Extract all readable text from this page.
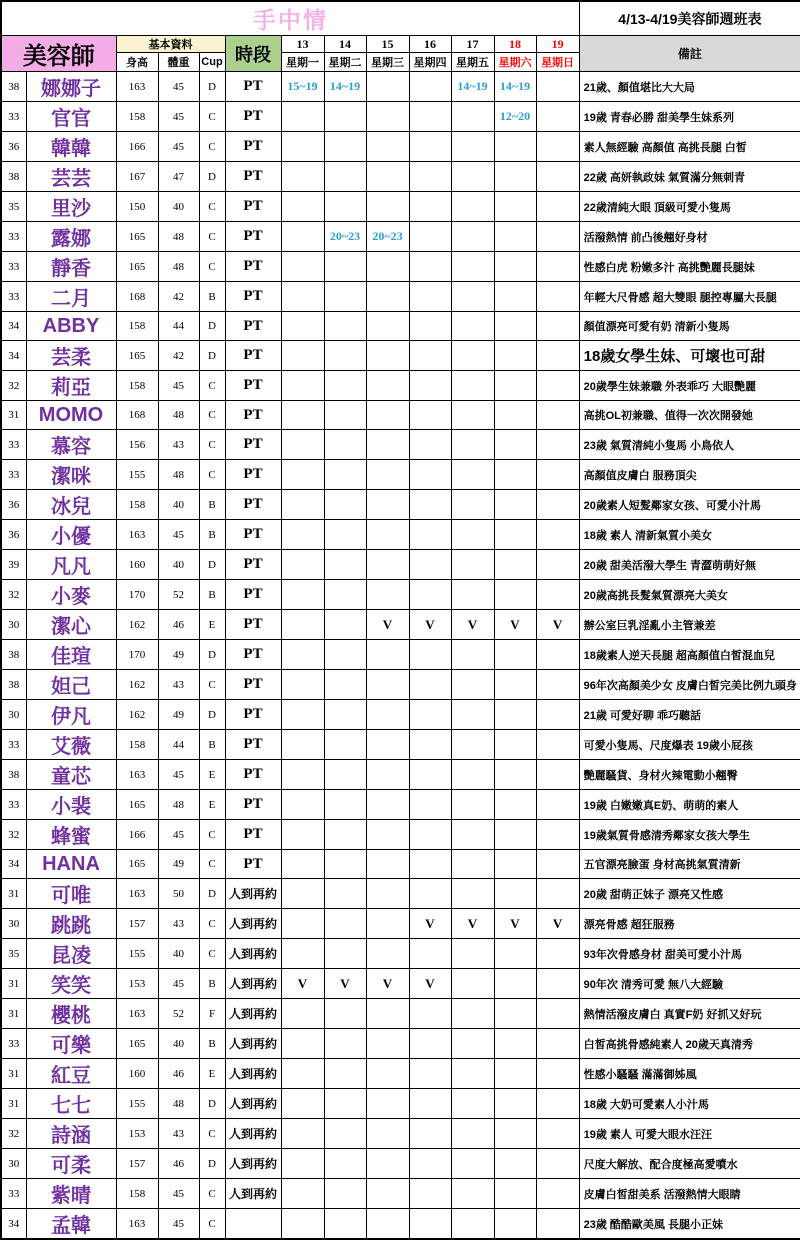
手中情													4/13-4/19美容師週班表
美容師		基本資料			時段	13	14	15	16	17	18	19	備註
		身高	體重	Cup		星期一	星期二	星期三	星期四	星期五	星期六	星期日	
38	娜娜子	163	45	D	PT	15~19	14~19			14~19	14~19		21歲、顏值堪比大大局
33	官官	158	45	C	PT						12~20		19歲 青春必勝 甜美學生妹系列
36	韓韓	166	45	C	PT								素人無經驗 高顏值 高挑長腿 白皙
38	芸芸	167	47	D	PT								22歲 高妍執政妹 氣質滿分無刺青
35	里沙	150	40	C	PT								22歲清純大眼 頂級可愛小隻馬
33	露娜	165	48	C	PT		20~23	20~23					活潑熱情 前凸後翹好身材
33	靜香	165	48	C	PT								性感白虎 粉嫩多汁 高挑艷麗長腿妹
33	二月	168	42	B	PT								年輕大尺骨感 超大雙眼 腿控專屬大長腿
34	ABBY	158	44	D	PT								顏值漂亮可愛有奶 清新小隻馬
34	芸柔	165	42	D	PT								18歲女學生妹、可壞也可甜
32	莉亞	158	45	C	PT								20歲學生妹兼職 外表乖巧 大眼艷麗
31	MOMO	168	48	C	PT								高挑OL初兼職、值得一次次開發她
33	慕容	156	43	C	PT								23歲 氣質清純小隻馬 小鳥依人
33	潔咪	155	48	C	PT								高顏值皮膚白 服務頂尖
36	冰兒	158	40	B	PT								20歲素人短髮鄰家女孩、可愛小汁馬
36	小優	163	45	B	PT								18歲 素人 清新氣質小美女
39	凡凡	160	40	D	PT								20歲 甜美活潑大學生 青澀萌萌好無
32	小麥	170	52	B	PT								20歲高挑長髮氣質漂亮大美女
30	潔心	162	46	E	PT			V	V	V	V	V	辦公室巨乳淫亂小主管兼差
38	佳瑄	170	49	D	PT								18歲素人逆天長腿 超高顏值白皙混血兒
38	妲己	162	43	C	PT								96年次高顏美少女 皮膚白皙完美比例九頭身
30	伊凡	162	49	D	PT								21歲 可愛好聊 乖巧聽話
33	艾薇	158	44	B	PT								可愛小隻馬、尺度爆表 19歲小屁孩
38	童芯	163	45	E	PT								艷麗騷貨、身材火辣電動小翹臀
33	小裴	165	48	E	PT								19歲 白嫩嫩真E奶、萌萌的素人
32	蜂蜜	166	45	C	PT								19歲氣質骨感清秀鄰家女孩大學生
34	HANA	165	49	C	PT								五官漂亮臉蛋 身材高挑氣質清新
31	可唯	163	50	D	人到再約								20歲 甜萌正妹子 漂亮又性感
30	跳跳	157	43	C	人到再約				V	V	V	V	漂亮骨感 超狂服務
35	昆凌	155	40	C	人到再約								93年次骨感身材 甜美可愛小汁馬
31	笑笑	153	45	B	人到再約	V	V	V	V				90年次 清秀可愛 無八大經驗
31	櫻桃	163	52	F	人到再約								熱情活潑皮膚白 真實F奶 好抓又好玩
33	可樂	165	40	B	人到再約								白皙高挑骨感純素人 20歲天真清秀
31	紅豆	160	46	E	人到再約								性感小騷騷 滿滿御姊風
31	七七	155	48	D	人到再約								18歲 大奶可愛素人小汁馬
32	詩涵	153	43	C	人到再約								19歲 素人 可愛大眼水汪汪
30	可柔	157	46	D	人到再約								尺度大解放、配合度極高愛噴水
33	紫晴	158	45	C	人到再約								皮膚白皙甜美系 活潑熱情大眼睛
34	孟韓	163	45	C									23歲 酷酷歐美風 長腿小正妹
